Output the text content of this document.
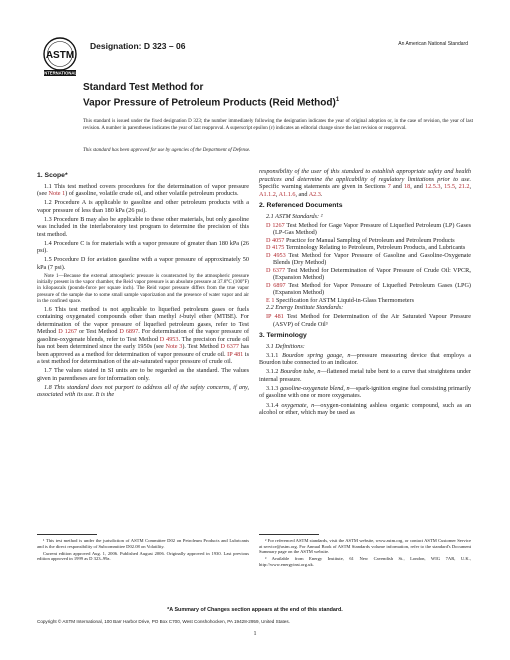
ASTM
INTERNATIONAL
Designation: D 323 – 06	An American National Standard
Standard Test Method for
Vapor Pressure of Petroleum Products (Reid Method)$^1$
This standard is issued under the fixed designation D 323; the number immediately following the designation indicates the year of original adoption or, in the case of revision, the year of last revision. A number in parentheses indicates the year of last reapproval. A superscript epsilon (ε) indicates an editorial change since the last revision or reapproval.
This standard has been approved for use by agencies of the Department of Defense.
1. Scope*

1.1 This test method covers procedures for the determination of vapor pressure (see Note 1) of gasoline, volatile crude oil, and other volatile petroleum products.

1.2 Procedure A is applicable to gasoline and other petroleum products with a vapor pressure of less than 180 kPa (26 psi).

1.3 Procedure B may also be applicable to these other materials, but only gasoline was included in the interlaboratory test program to determine the precision of this test method.

1.4 Procedure C is for materials with a vapor pressure of greater than 180 kPa (26 psi).

1.5 Procedure D for aviation gasoline with a vapor pressure of approximately 50 kPa (7 psi).

Note 1—Because the external atmospheric pressure is counteracted by the atmospheric pressure initially present in the vapor chamber, the Reid vapor pressure is an absolute pressure at 37.8°C (100°F) in kilopascals (pounds-force per square inch). The Reid vapor pressure differs from the true vapor pressure of the sample due to some small sample vaporization and the presence of water vapor and air in the confined space.

1.6 This test method is not applicable to liquefied petroleum gases or fuels containing oxygenated compounds other than methyl t-butyl ether (MTBE). For determination of the vapor pressure of liquefied petroleum gases, refer to Test Method D 1267 or Test Method D 6897. For determination of the vapor pressure of gasoline-oxygenate blends, refer to Test Method D 4953. The precision for crude oil has not been determined since the early 1950s (see Note 3). Test Method D 6377 has been approved as a method for determination of vapor pressure of crude oil. IP 481 is a test method for determination of the air-saturated vapor pressure of crude oil.

1.7 The values stated in SI units are to be regarded as the standard. The values given in parentheses are for information only.

1.8 This standard does not purport to address all of the safety concerns, if any, associated with its use. It is the

¹ This test method is under the jurisdiction of ASTM Committee D02 on Petroleum Products and Lubricants and is the direct responsibility of Subcommittee D02.08 on Volatility.

Current edition approved Aug. 1, 2006. Published August 2006. Originally approved in 1930. Last previous edition approved in 1999 as D 323–99a.

responsibility of the user of this standard to establish appropriate safety and health practices and determine the applicability of regulatory limitations prior to use. Specific warning statements are given in Sections 7 and 18, and 12.5.3, 15.5, 21.2, A1.1.2, A1.1.6, and A2.3.

2. Referenced Documents

2.1 ASTM Standards: ²

D 1267 Test Method for Gage Vapor Pressure of Liquefied Petroleum (LP) Gases (LP-Gas Method)
D 4057 Practice for Manual Sampling of Petroleum and Petroleum Products
D 4175 Terminology Relating to Petroleum, Petroleum Products, and Lubricants
D 4953 Test Method for Vapor Pressure of Gasoline and Gasoline-Oxygenate Blends (Dry Method)
D 6377 Test Method for Determination of Vapor Pressure of Crude Oil: VPCRₓ (Expansion Method)
D 6897 Test Method for Vapor Pressure of Liquefied Petroleum Gases (LPG) (Expansion Method)
E 1 Specification for ASTM Liquid-in-Glass Thermometers

2.2 Energy Institute Standards:

IP 481 Test Method for Determination of the Air Saturated Vapour Pressure (ASVP) of Crude Oil³
3. Terminology

3.1 Definitions:

3.1.1 Bourdon spring gauge, n—pressure measuring device that employs a Bourdon tube connected to an indicator.

3.1.2 Bourdon tube, n—flattened metal tube bent to a curve that straightens under internal pressure.

3.1.3 gasoline-oxygenate blend, n—spark-ignition engine fuel consisting primarily of gasoline with one or more oxygenates.

3.1.4 oxygenate, n—oxygen-containing ashless organic compound, such as an alcohol or ether, which may be used as

² For referenced ASTM standards, visit the ASTM website, www.astm.org, or contact ASTM Customer Service at service@astm.org. For Annual Book of ASTM Standards volume information, refer to the standard's Document Summary page on the ASTM website.

³ Available from Energy Institute, 61 New Cavendish St., London, WIG 7AR, U.K., http://www.energyinst.org.uk.

*A Summary of Changes section appears at the end of this standard.
Copyright © ASTM International, 100 Barr Harbor Drive, PO Box C700, West Conshohocken, PA 19428-2959, United States.
1
